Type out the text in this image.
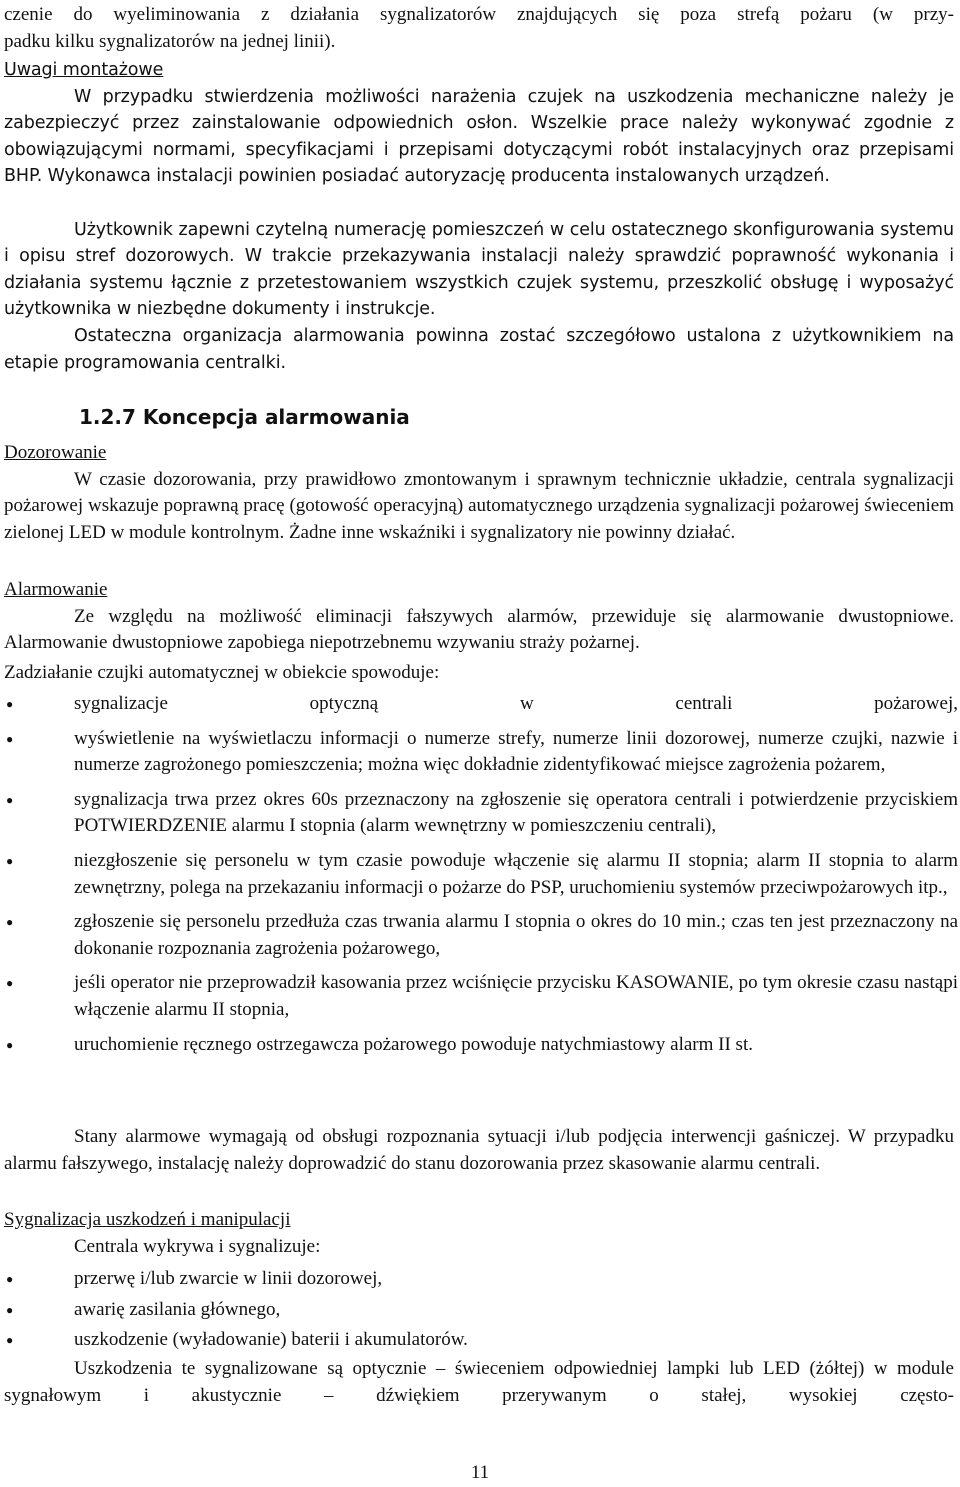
czenie do wyeliminowania z działania sygnalizatorów znajdujących się poza strefą pożaru (w przy-

padku kilku sygnalizatorów na jednej linii).

Uwagi montażowe

W przypadku stwierdzenia możliwości narażenia czujek na uszkodzenia mechaniczne należy je zabezpieczyć przez zainstalowanie odpowiednich osłon. Wszelkie prace należy wykonywać zgodnie z obowiązującymi normami, specyfikacjami i przepisami dotyczącymi robót instalacyjnych oraz przepisami BHP. Wykonawca instalacji powinien posiadać autoryzację producenta instalowanych urządzeń.

Użytkownik zapewni czytelną numerację pomieszczeń w celu ostatecznego skonfigurowania systemu i opisu stref dozorowych. W trakcie przekazywania instalacji należy sprawdzić poprawność wykonania i działania systemu łącznie z przetestowaniem wszystkich czujek systemu, przeszkolić obsługę i wyposażyć użytkownika w niezbędne dokumenty i instrukcje.

Ostateczna organizacja alarmowania powinna zostać szczegółowo ustalona z użytkownikiem na etapie programowania centralki.

1.2.7 Koncepcja alarmowania

Dozorowanie

W czasie dozorowania, przy prawidłowo zmontowanym i sprawnym technicznie układzie, centrala sygnalizacji pożarowej wskazuje poprawną pracę (gotowość operacyjną) automatycznego urządzenia sygnalizacji pożarowej świeceniem zielonej LED w module kontrolnym. Żadne inne wskaźniki i sygnalizatory nie powinny działać.

Alarmowanie

Ze względu na możliwość eliminacji fałszywych alarmów, przewiduje się alarmowanie dwustopniowe. Alarmowanie dwustopniowe zapobiega niepotrzebnemu wzywaniu straży pożarnej.

Zadziałanie czujki automatycznej w obiekcie spowoduje:

●	sygnalizacje optyczną w centrali pożarowej,
●	wyświetlenie na wyświetlaczu informacji o numerze strefy, numerze linii dozorowej, numerze czujki, nazwie i numerze zagrożonego pomieszczenia; można więc dokładnie zidentyfikować miejsce zagrożenia pożarem,
●	sygnalizacja trwa przez okres 60s przeznaczony na zgłoszenie się operatora centrali i potwierdzenie przyciskiem POTWIERDZENIE alarmu I stopnia (alarm wewnętrzny w pomieszczeniu centrali),
●	niezgłoszenie się personelu w tym czasie powoduje włączenie się alarmu II stopnia; alarm II stopnia to alarm zewnętrzny, polega na przekazaniu informacji o pożarze do PSP, uruchomieniu systemów przeciwpożarowych itp.,
●	zgłoszenie się personelu przedłuża czas trwania alarmu I stopnia o okres do 10 min.; czas ten jest przeznaczony na dokonanie rozpoznania zagrożenia pożarowego,
●	jeśli operator nie przeprowadził kasowania przez wciśnięcie przycisku KASOWANIE, po tym okresie czasu nastąpi włączenie alarmu II stopnia,
●	uruchomienie ręcznego ostrzegawcza pożarowego powoduje natychmiastowy alarm II st.

Stany alarmowe wymagają od obsługi rozpoznania sytuacji i/lub podjęcia interwencji gaśniczej. W przypadku alarmu fałszywego, instalację należy doprowadzić do stanu dozorowania przez skasowanie alarmu centrali.

Sygnalizacja uszkodzeń i manipulacji

Centrala wykrywa i sygnalizuje:

●	przerwę i/lub zwarcie w linii dozorowej,
●	awarię zasilania głównego,
●	uszkodzenie (wyładowanie) baterii i akumulatorów.

Uszkodzenia te sygnalizowane są optycznie – świeceniem odpowiedniej lampki lub LED (żółtej) w module sygnałowym i akustycznie – dźwiękiem przerywanym o stałej, wysokiej często-

11
